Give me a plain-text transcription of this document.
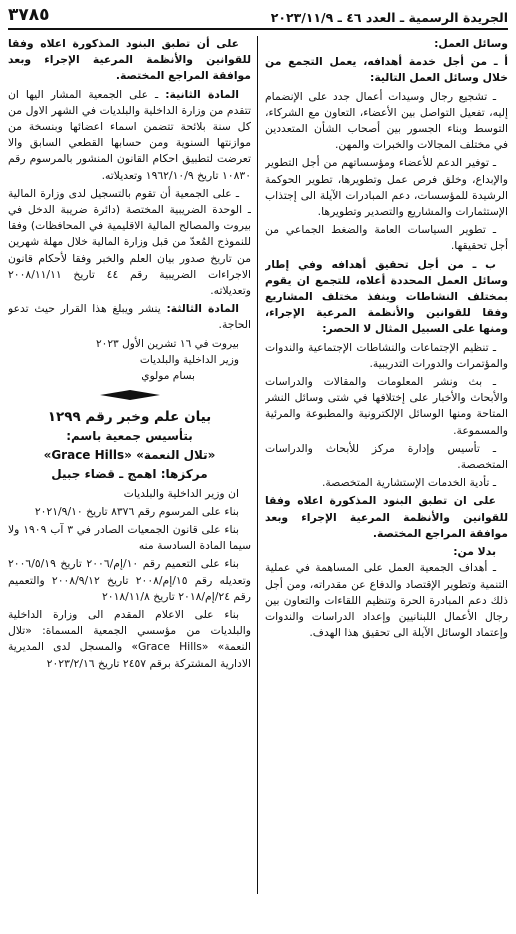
الجريدة الرسمية ـ العدد ٤٦ ـ ٢٠٢٣/١١/٩
٣٧٨٥

وسائل العمل:

أ ـ من أجل خدمة أهدافه، يعمل التجمع من خلال وسائل العمل التالية:

ـ تشجيع رجال وسيدات أعمال جدد على الإنضمام إليه، تفعيل التواصل بين الأعضاء، التعاون مع الشركاء، التوسط وبناء الجسور بين أصحاب الشأن المتعددين في مختلف المجالات والخبرات والمهن.

ـ توفير الدعم للأعضاء ومؤسساتهم من أجل التطوير والإبداع، وخلق فرص عمل وتطويرها، تطوير الحوكمة الرشيدة للمؤسسات، دعم المبادرات الآيلة الى إجتذاب الإستثمارات والمشاريع والتصدير وتطويرها.

ـ تطوير السياسات العامة والضغط الجماعي من أجل تحقيقها.

ب ـ من أجل تحقيق أهدافه وفي إطار وسائل العمل المحددة أعلاه، للتجمع ان يقوم بمختلف النشاطات وينفذ مختلف المشاريع وفقا للقوانين والأنظمة المرعية الإجراء، ومنها على السبيل المثال لا الحصر:

ـ تنظيم الإجتماعات والنشاطات الإجتماعية والندوات والمؤتمرات والدورات التدريبية.

ـ بث ونشر المعلومات والمقالات والدراسات والأبحاث والأخبار على إختلافها في شتى وسائل النشر المتاحة ومنها الوسائل الإلكترونية والمطبوعة والمرئية والمسموعة.

ـ تأسيس وإدارة مركز للأبحاث والدراسات المتخصصة.

ـ تأدية الخدمات الإستشارية المتخصصة.

على ان تطبق البنود المذكورة اعلاه وفقا للقوانين والأنظمة المرعية الإجراء وبعد موافقة المراجع المختصة.

بدلا من:

ـ أهداف الجمعية العمل على المساهمة في عملية التنمية وتطوير الإقتصاد والدفاع عن مقدراته، ومن أجل ذلك دعم المبادرة الحرة وتنظيم اللقاءات والتعاون بين رجال الأعمال اللبنانيين وإعداد الدراسات والندوات وإعتماد الوسائل الآيلة الى تحقيق هذا الهدف.

على أن تطبق البنود المذكورة اعلاه وفقا للقوانين والأنظمة المرعية الإجراء وبعد موافقة المراجع المختصة.

المادة الثانية: ـ على الجمعية المشار اليها ان تتقدم من وزارة الداخلية والبلديات في الشهر الاول من كل سنة بلائحة تتضمن اسماء اعضائها وبنسخة من موازنتها السنوية ومن حسابها القطعي السابق والا تعرضت لتطبيق احكام القانون المنشور بالمرسوم رقم ١٠٨٣٠ تاريخ ١٩٦٢/١٠/٩ وتعديلاته.

ـ على الجمعية أن تقوم بالتسجيل لدى وزارة المالية ـ الوحدة الضريبية المختصة (دائرة ضريبة الدخل في بيروت والمصالح المالية الاقليمية في المحافظات) وفقا للنموذج المُعدّ من قبل وزارة المالية خلال مهلة شهرين من تاريخ صدور بيان العلم والخبر وفقا لأحكام قانون الاجراءات الضريبية رقم ٤٤ تاريخ ٢٠٠٨/١١/١١ وتعديلاته.

المادة الثالثة: ينشر ويبلغ هذا القرار حيث تدعو الحاجة.

بيروت في ١٦ تشرين الأول ٢٠٢٣

وزير الداخلية والبلديات

بسام مولوي

بيان علم وخبر رقم ١٢٩٩

بتأسيس جمعية باسم:

«تلال النعمة» «Grace Hills»

مركزها: اهمج ـ قضاء جبيل

ان وزير الداخلية والبلديات

بناء على المرسوم رقم ٨٣٧٦ تاريخ ٢٠٢١/٩/١٠

بناء على قانون الجمعيات الصادر في ٣ آب ١٩٠٩ ولا سيما المادة السادسة منه

بناء على التعميم رقم ١٠/إم/٢٠٠٦ تاريخ ٢٠٠٦/٥/١٩ وتعديله رقم ١٥/إم/٢٠٠٨ تاريخ ٢٠٠٨/٩/١٢ والتعميم رقم ٢٤/إم/٢٠١٨ تاريخ ٢٠١٨/١١/٨

بناء على الاعلام المقدم الى وزارة الداخلية والبلديات من مؤسسي الجمعية المسماة: «تلال النعمة» «Grace Hills» والمسجل لدى المديرية الادارية المشتركة برقم ٢٤٥٧ تاريخ ٢٠٢٣/٢/١٦
